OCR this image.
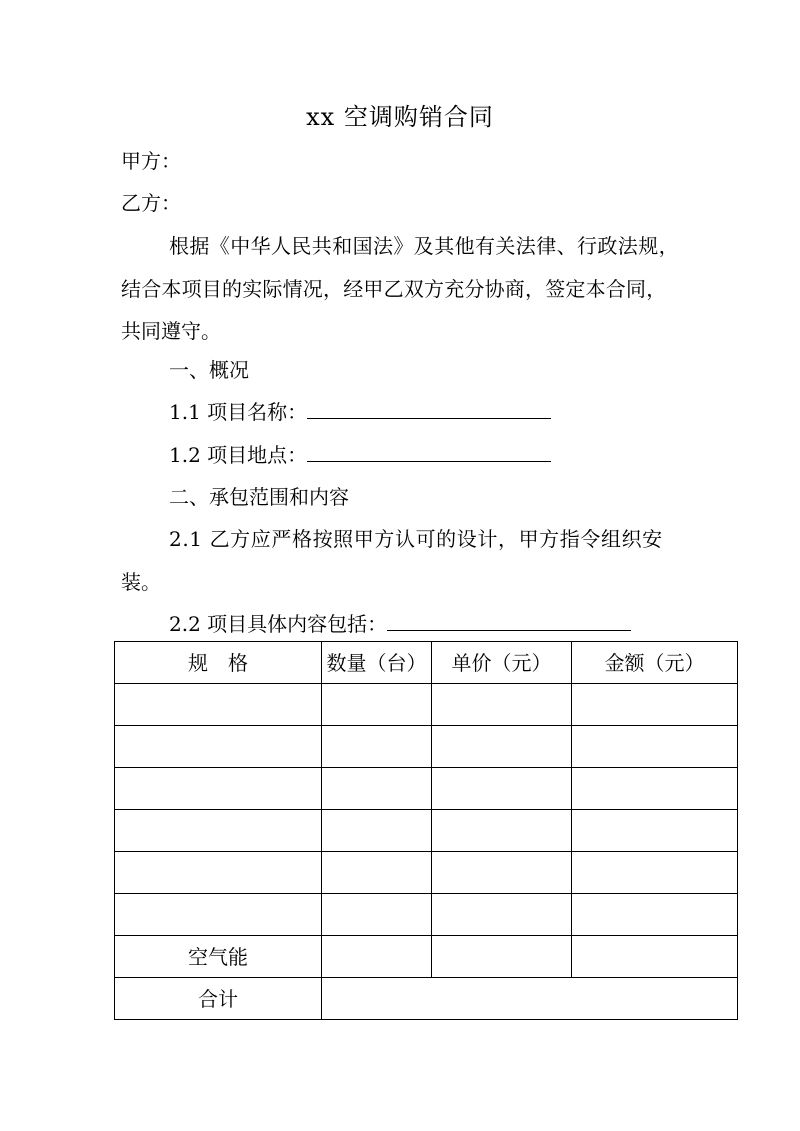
xx 空调购销合同
甲方：
乙方：
根据《中华人民共和国法》及其他有关法律、行政法规，
结合本项目的实际情况，经甲乙双方充分协商，签定本合同，
共同遵守。
一、概况
1.1 项目名称：
1.2 项目地点：
二、承包范围和内容
2.1 乙方应严格按照甲方认可的设计，甲方指令组织安
装。
2.2 项目具体内容包括：
规　格	数量（台）	单价（元）	金额（元）

空气能			
合计			
